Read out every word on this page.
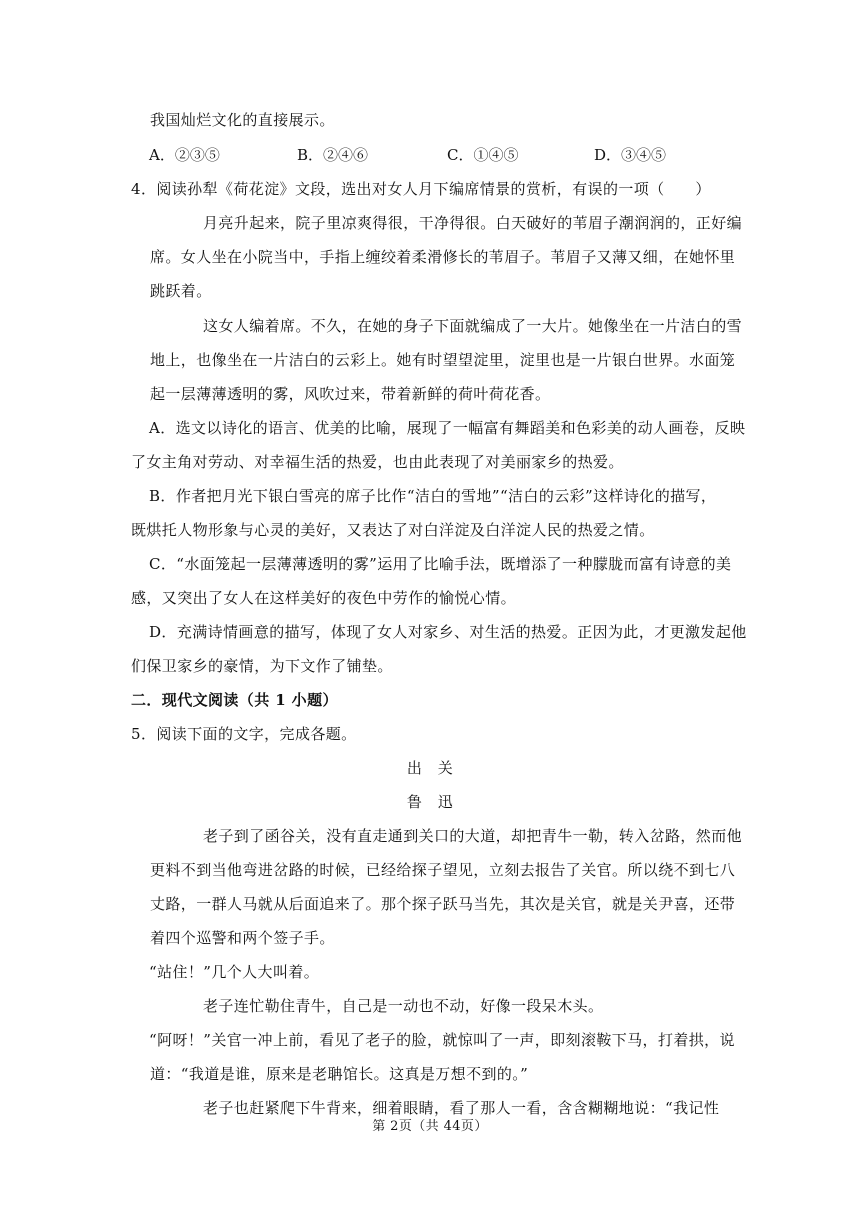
我国灿烂文化的直接展示。
A．②③⑤	B．②④⑥	C．①④⑤	D．③④⑤
4．阅读孙犁《荷花淀》文段，选出对女人月下编席情景的赏析，有误的一项（　　）
月亮升起来，院子里凉爽得很，干净得很。白天破好的苇眉子潮润润的，正好编
席。女人坐在小院当中，手指上缠绞着柔滑修长的苇眉子。苇眉子又薄又细，在她怀里
跳跃着。
这女人编着席。不久，在她的身子下面就编成了一大片。她像坐在一片洁白的雪
地上，也像坐在一片洁白的云彩上。她有时望望淀里，淀里也是一片银白世界。水面笼
起一层薄薄透明的雾，风吹过来，带着新鲜的荷叶荷花香。
A．选文以诗化的语言、优美的比喻，展现了一幅富有舞蹈美和色彩美的动人画卷，反映
了女主角对劳动、对幸福生活的热爱，也由此表现了对美丽家乡的热爱。
B．作者把月光下银白雪亮的席子比作“洁白的雪地”“洁白的云彩”这样诗化的描写，
既烘托人物形象与心灵的美好，又表达了对白洋淀及白洋淀人民的热爱之情。
C．“水面笼起一层薄薄透明的雾”运用了比喻手法，既增添了一种朦胧而富有诗意的美
感，又突出了女人在这样美好的夜色中劳作的愉悦心情。
D．充满诗情画意的描写，体现了女人对家乡、对生活的热爱。正因为此，才更激发起他
们保卫家乡的豪情，为下文作了铺垫。
二．现代文阅读（共 1 小题）
5．阅读下面的文字，完成各题。
出　关
鲁　迅
老子到了函谷关，没有直走通到关口的大道，却把青牛一勒，转入岔路，然而他
更料不到当他弯进岔路的时候，已经给探子望见，立刻去报告了关官。所以绕不到七八
丈路，一群人马就从后面追来了。那个探子跃马当先，其次是关官，就是关尹喜，还带
着四个巡警和两个签子手。
“站住！”几个人大叫着。
老子连忙勒住青牛，自己是一动也不动，好像一段呆木头。
“阿呀！”关官一冲上前，看见了老子的脸，就惊叫了一声，即刻滚鞍下马，打着拱，说
道：“我道是谁，原来是老聃馆长。这真是万想不到的。”
老子也赶紧爬下牛背来，细着眼睛，看了那人一看，含含糊糊地说：“我记性
第 2页（共 44页）
